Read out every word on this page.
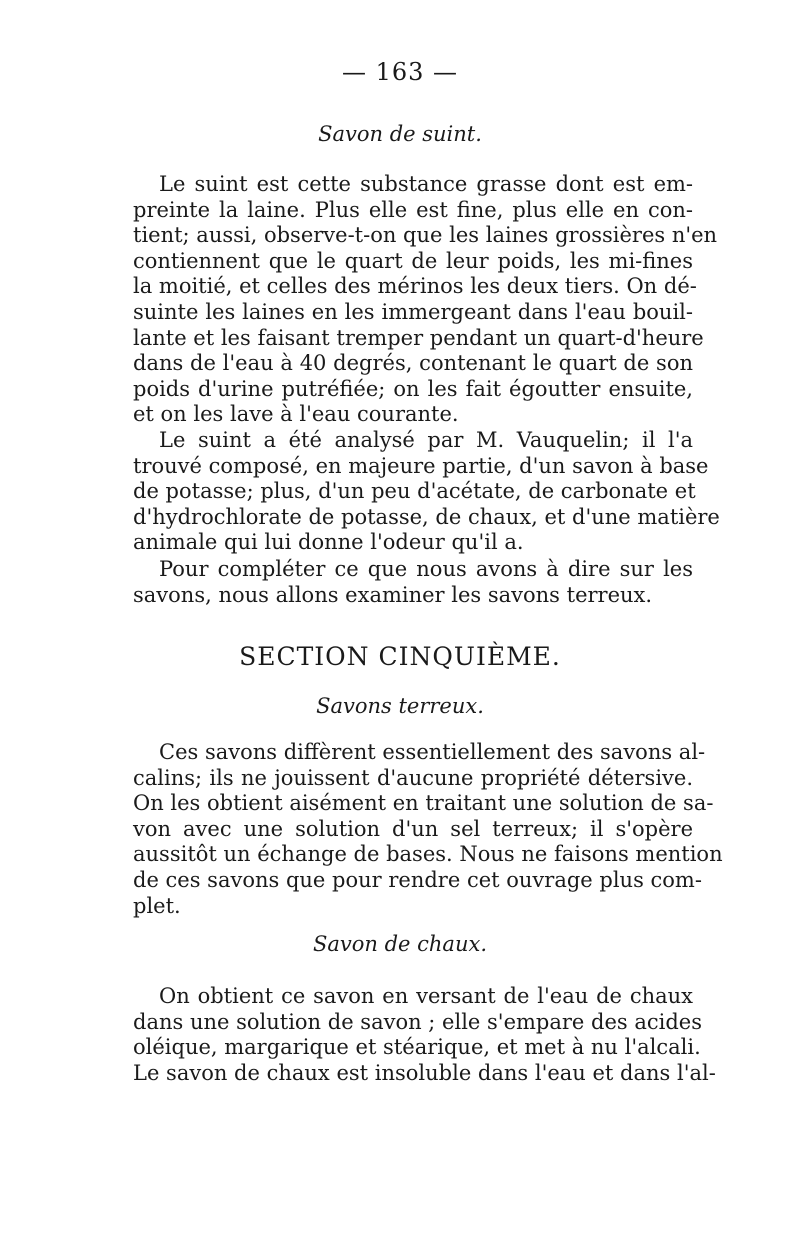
— 163 —
Savon de suint.
Le suint est cette substance grasse dont est em-
preinte la laine. Plus elle est fine, plus elle en con-
tient; aussi, observe-t-on que les laines grossières n'en
contiennent que le quart de leur poids, les mi-fines
la moitié, et celles des mérinos les deux tiers. On dé-
suinte les laines en les immergeant dans l'eau bouil-
lante et les faisant tremper pendant un quart-d'heure
dans de l'eau à 40 degrés, contenant le quart de son
poids d'urine putréfiée; on les fait égoutter ensuite,
et on les lave à l'eau courante.
Le suint a été analysé par M. Vauquelin; il l'a
trouvé composé, en majeure partie, d'un savon à base
de potasse; plus, d'un peu d'acétate, de carbonate et
d'hydrochlorate de potasse, de chaux, et d'une matière
animale qui lui donne l'odeur qu'il a.
Pour compléter ce que nous avons à dire sur les
savons, nous allons examiner les savons terreux.
SECTION CINQUIÈME.
Savons terreux.
Ces savons diffèrent essentiellement des savons al-
calins; ils ne jouissent d'aucune propriété détersive.
On les obtient aisément en traitant une solution de sa-
von avec une solution d'un sel terreux; il s'opère
aussitôt un échange de bases. Nous ne faisons mention
de ces savons que pour rendre cet ouvrage plus com-
plet.
Savon de chaux.
On obtient ce savon en versant de l'eau de chaux
dans une solution de savon ; elle s'empare des acides
oléique, margarique et stéarique, et met à nu l'alcali.
Le savon de chaux est insoluble dans l'eau et dans l'al-
